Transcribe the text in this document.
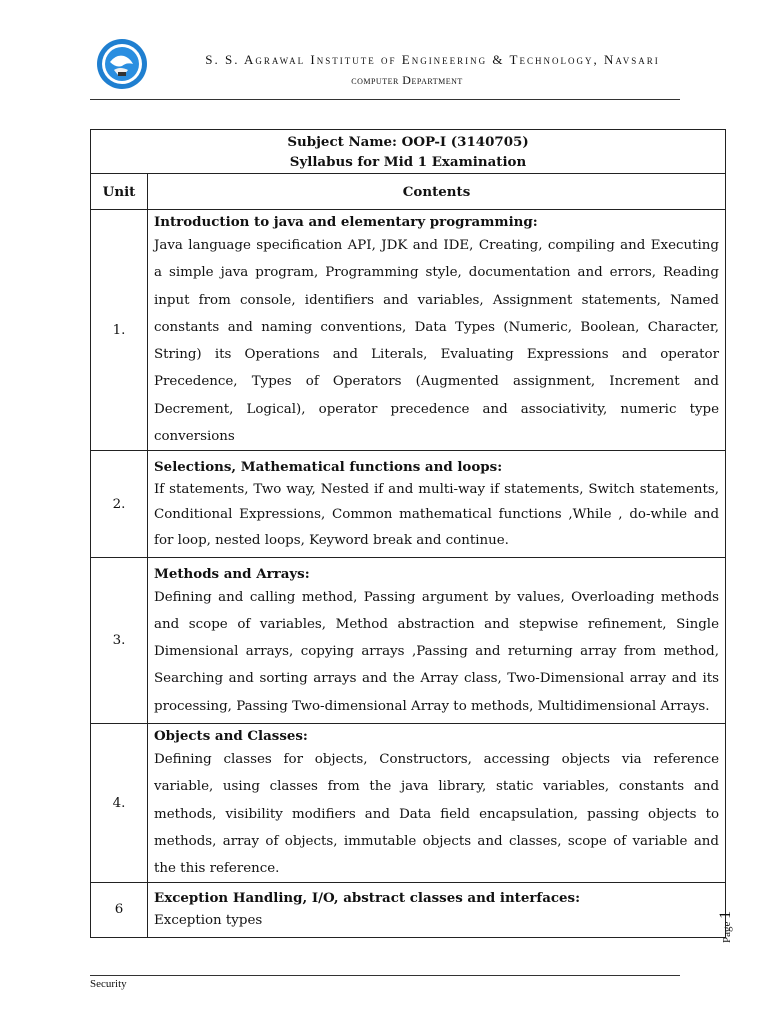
S. S. Agrawal Institute of Engineering & Technology, Navsari
computer Department
Subject Name: OOP-I (3140705)
Syllabus for Mid 1 Examination	

Unit	Contents
1.	Introduction to java and elementary programming:
Java language specification API, JDK and IDE, Creating, compiling and Executing a simple java program, Programming style, documentation and errors, Reading input from console, identifiers and variables, Assignment statements, Named constants and naming conventions, Data Types (Numeric, Boolean, Character, String) its Operations and Literals, Evaluating Expressions and operator Precedence, Types of Operators (Augmented assignment, Increment and Decrement, Logical), operator precedence and associativity, numeric type conversions

2.	Selections, Mathematical functions and loops:
If statements, Two way, Nested if and multi-way if statements, Switch statements, Conditional Expressions, Common mathematical functions ,While , do-while and for loop, nested loops, Keyword break and continue.

3.	Methods and Arrays:
Defining and calling method, Passing argument by values, Overloading methods and scope of variables, Method abstraction and stepwise refinement, Single Dimensional arrays, copying arrays ,Passing and returning array from method, Searching and sorting arrays and the Array class, Two-Dimensional array and its processing, Passing Two-dimensional Array to methods, Multidimensional Arrays.

4.	Objects and Classes:
Defining classes for objects, Constructors, accessing objects via reference variable, using classes from the java library, static variables, constants and methods, visibility modifiers and Data field encapsulation, passing objects to methods, array of objects, immutable objects and classes, scope of variable and the this reference.

6	Exception Handling, I/O, abstract classes and interfaces:
Exception types
Page 1
Security
